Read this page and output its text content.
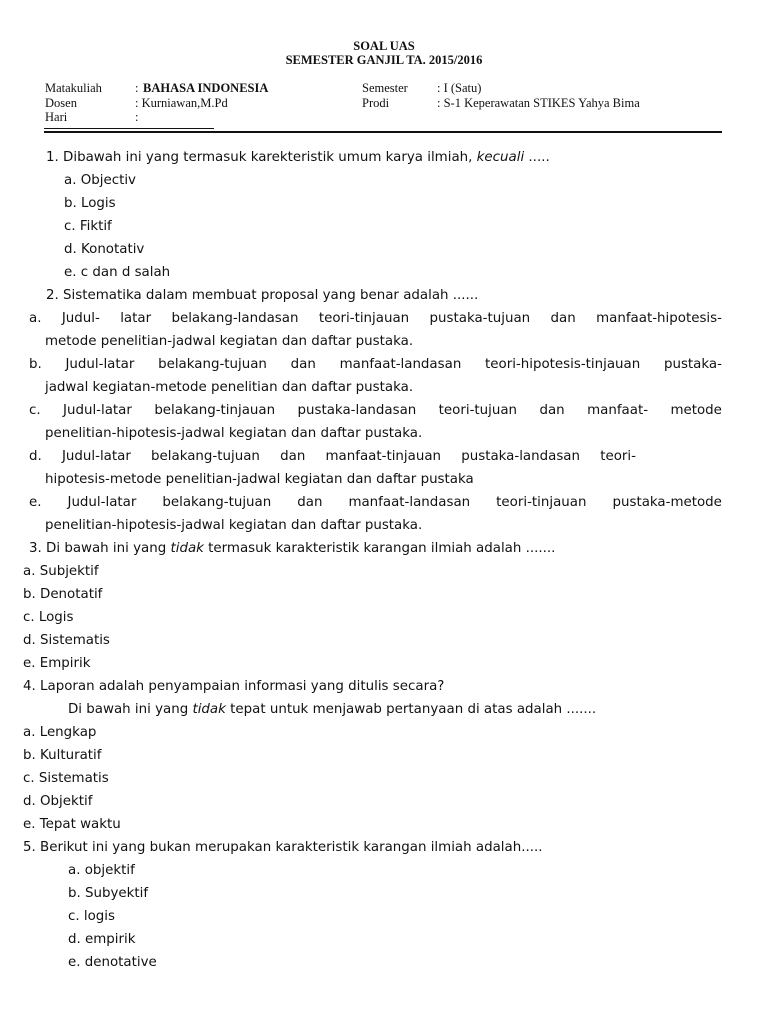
SOAL UAS
SEMESTER GANJIL TA. 2015/2016
Matakuliah	: BAHASA INDONESIA	Semester : I (Satu)
Dosen	: Kurniawan,M.Pd	Prodi	: S-1 Keperawatan STIKES Yahya Bima
Hari	:
1. Dibawah ini yang termasuk karekteristik umum karya ilmiah, kecuali .....
a. Objectiv
b. Logis
c. Fiktif
d. Konotativ
e. c dan d salah
2. Sistematika dalam membuat proposal yang benar adalah ......
a. Judul- latar belakang-landasan teori-tinjauan pustaka-tujuan dan manfaat-hipotesis-
metode penelitian-jadwal kegiatan dan daftar pustaka.
b. Judul-latar belakang-tujuan dan manfaat-landasan teori-hipotesis-tinjauan pustaka-
jadwal kegiatan-metode penelitian dan daftar pustaka.
c. Judul-latar belakang-tinjauan pustaka-landasan teori-tujuan dan manfaat- metode
penelitian-hipotesis-jadwal kegiatan dan daftar pustaka.
d. Judul-latar belakang-tujuan dan manfaat-tinjauan pustaka-landasan teori-
hipotesis-metode penelitian-jadwal kegiatan dan daftar pustaka
e. Judul-latar belakang-tujuan dan manfaat-landasan teori-tinjauan pustaka-metode
penelitian-hipotesis-jadwal kegiatan dan daftar pustaka.
3. Di bawah ini yang tidak termasuk karakteristik karangan ilmiah adalah .......
a. Subjektif
b. Denotatif
c. Logis
d. Sistematis
e. Empirik
4. Laporan adalah penyampaian informasi yang ditulis secara?
Di bawah ini yang tidak tepat untuk menjawab pertanyaan di atas adalah .......
a. Lengkap
b. Kulturatif
c. Sistematis
d. Objektif
e. Tepat waktu
5. Berikut ini yang bukan merupakan karakteristik karangan ilmiah adalah.....
a. objektif
b. Subyektif
c. logis
d. empirik
e. denotative
